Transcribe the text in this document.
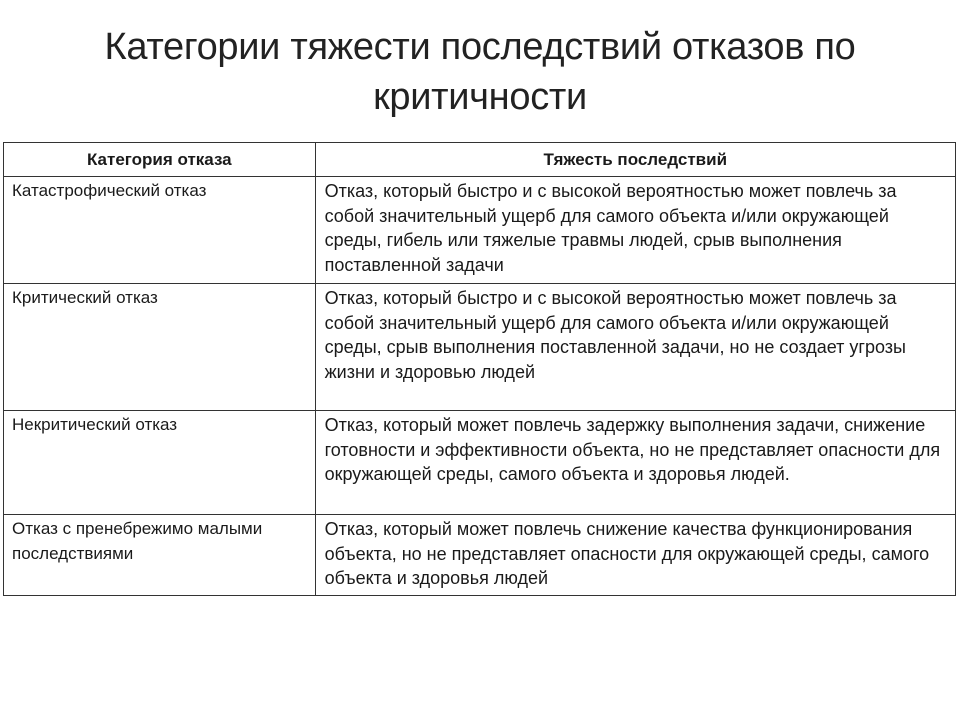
Категории тяжести последствий отказов по критичности
Категория отказа	Тяжесть последствий
Катастрофический отказ	Отказ, который быстро и с высокой вероятностью может повлечь за собой значительный ущерб для самого объекта и/или окружающей среды, гибель или тяжелые травмы людей, срыв выполнения поставленной задачи
Критический отказ	Отказ, который быстро и с высокой вероятностью может повлечь за собой значительный ущерб для самого объекта и/или окружающей среды, срыв выполнения поставленной задачи, но не создает угрозы жизни и здоровью людей
Некритический отказ	Отказ, который может повлечь задержку выполнения задачи, снижение готовности и эффективности объекта, но не представляет опасности для окружающей среды, самого объекта и здоровья людей.
Отказ с пренебрежимо малыми последствиями	Отказ, который может повлечь снижение качества функционирования объекта, но не представляет опасности для окружающей среды, самого объекта и здоровья людей
